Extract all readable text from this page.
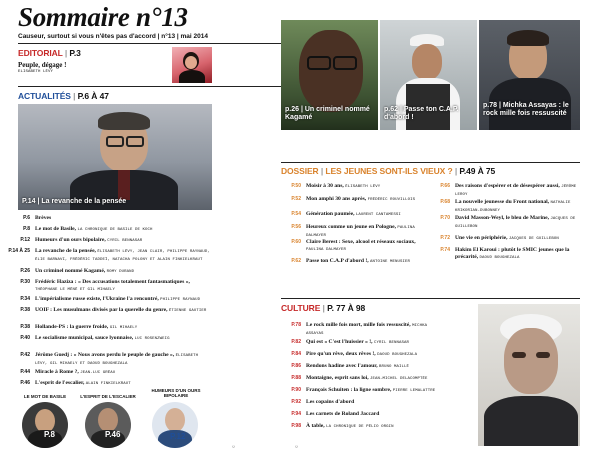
Sommaire n°13
Causeur, surtout si vous n'êtes pas d'accord | n°13 | mai 2014
EDITORIAL | P.3
Peuple, dégage !
ELISABETH LÉVY
ACTUALITÉS | P.6 À 47
P.14 | La revanche de la pensée
P.6 Brèves
P.8 Le mot de Basile, LA CHRONIQUE DE BASILE DE KOCH
P.12 Humeurs d'un ours bipolaire, CYRIL BENNASAR
P.14 À 25 La revanche de la pensée, ÉLISABETH LÉVY, JEAN CLAIR, PHILIPPE RAYNAUD, ÉLIE BARNAVI, FRÉDÉRIC TADDEÏ, NATACHA POLONY ET ALAIN FINKIELKRAUT
P.26 Un criminel nommé Kagamé, ROMY DURAND
P.30 Frédéric Haziza : « Des accusations totalement fantasmatiques », THÉOPHANE LE MÉNÉ ET GIL MIHAELY
P.34 L'impérialisme russe existe, l'Ukraine l'a rencontré, PHILIPPE RAYNAUD
P.38 UOIF : Les musulmans divisés par la querelle du genre, ÉTIENNE GAUTIER
P.38 Hollande-PS : la guerre froide, GIL MIHAELY
P.40 Le socialisme municipal, sauce lyonnaise, LUC ROSENZWEIG
P.42 Jérôme Guedj : « Nous avons perdu le peuple de gauche », ÉLISABETH LÉVY, GIL MIHAELY ET DAOUD BOUGHEZALA
P.44 Miracle à Rome ?, JEAN-LUC GRÉAU
P.46 L'esprit de l'escalier, ALAIN FINKIELKRAUT
LE MOT DE BASILE
P.8
L'ESPRIT DE L'ESCALIER
P.46
HUMEURS D'UN OURS BIPOLAIRE
P.12
©	©
p.26 | Un criminel nommé Kagamé
p.62 | Passe ton C.A.P. d'abord !
p.78 | Michka Assayas : le rock mille fois ressuscité
DOSSIER | LES JEUNES SONT-ILS VIEUX ? | P.49 À 75
P.50 Moisir à 30 ans, ÉLISABETH LÉVY
P.52 Mon amphi 30 ans après, FRÉDÉRIC ROUVILLOIS
P.54 Génération paumée, LAURENT CANTAMESSI
P.56 Heureux comme un jeune en Pologne, PAULINA DALMAYER
P.60 Claire Berest : Sexe, alcool et réseaux sociaux, PAULINA DALMAYER
P.62 Passe ton C.A.P d'abord !, ANTOINE MENUSIER
P.66 Des raisons d'espérer et de désespérer aussi, JÉRÔME LEROY
P.68 La nouvelle jeunesse du Front national, NATHALIE KRIKORIAN-DUBONNEY
P.70 David Masson-Weyl, le bleu de Marine, JACQUES DE GUILLEBON
P.72 Une vie en périphérie, JACQUES DE GUILLEBON
P.74 Hakim El Karoui : plutôt le SMIC jeunes que la précarité, DAOUD BOUGHEZALA
CULTURE | P. 77 À 98
P.78 Le rock mille fois mort, mille fois ressuscité, MICHKA ASSAYAS
P.82 Qui est « C'est l'huissier » !, CYRIL BENNASAR
P.84 Pire qu'un rêve, deux rêves !, DAOUD BOUGHEZALA
P.86 Rendons hadine avec l'amour, BRUNO MAILLÉ
P.88 Montaigne, esprit sans loi, JEAN-MICHEL DELACOMPTÉE
P.90 François Schuiten : la ligne sombre, PIERRE LEMALATTRE
P.92 Les copains d'abord
P.94 Les carnets de Roland Jaccard
P.98 À table, LA CHRONIQUE DE PÉLIO ORGIN
